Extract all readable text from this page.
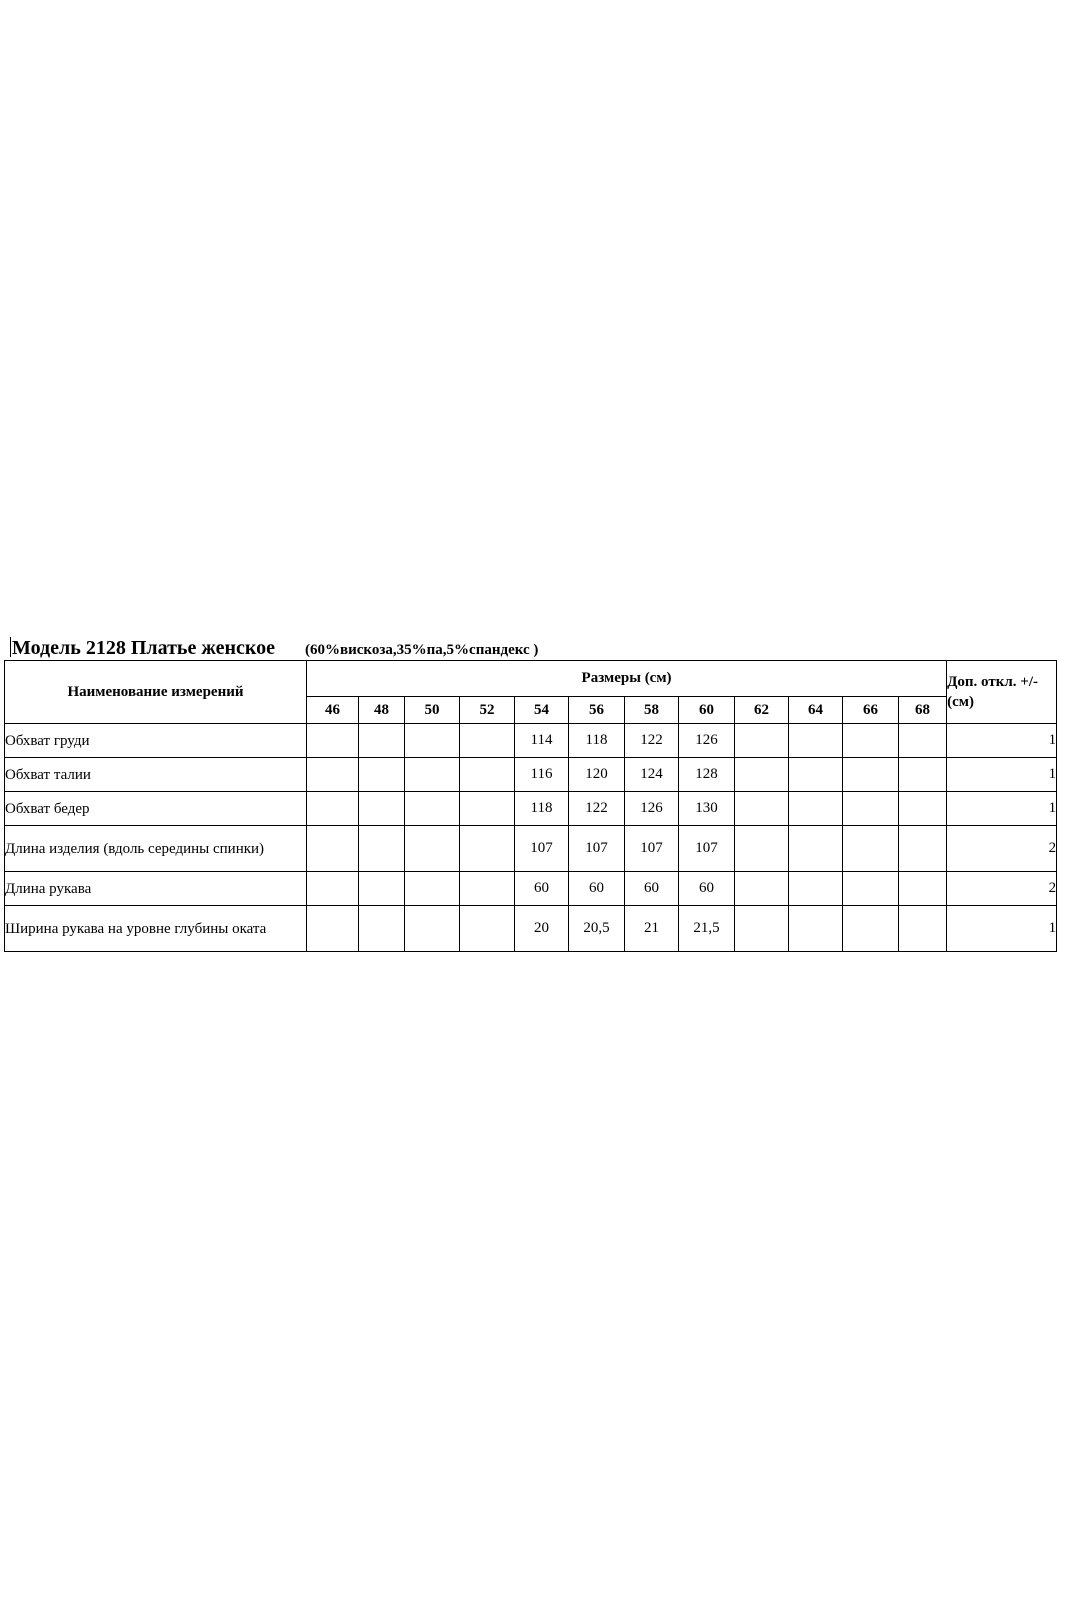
Модель 2128 Платье женское (60%вискоза,35%па,5%спандекс )
Наименование измерений	Размеры (см)												Доп. откл. +/- (см)
	46	48	50	52	54	56	58	60	62	64	66	68	
Обхват груди					114	118	122	126					1
Обхват талии					116	120	124	128					1
Обхват бедер					118	122	126	130					1
Длина изделия (вдоль середины спинки)					107	107	107	107					2
Длина рукава					60	60	60	60					2
Ширина рукава на уровне глубины оката					20	20,5	21	21,5					1
